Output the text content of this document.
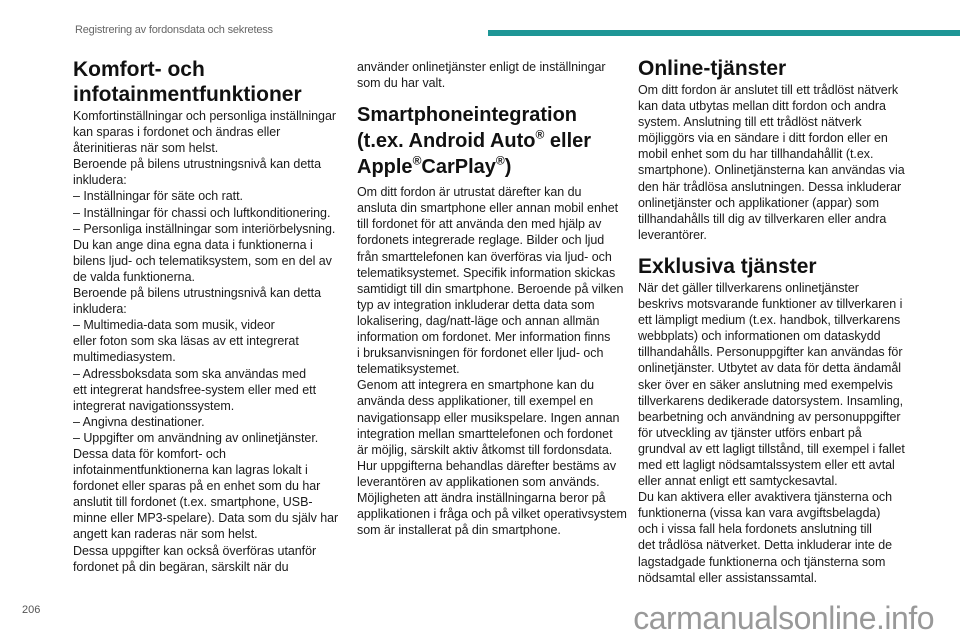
Registrering av fordonsdata och sekretess
Komfort- och
infotainmentfunktioner
Komfortinställningar och personliga inställningar
kan sparas i fordonet och ändras eller
återinitieras när som helst.
Beroende på bilens utrustningsnivå kan detta
inkludera:
– Inställningar för säte och ratt.
– Inställningar för chassi och luftkonditionering.
– Personliga inställningar som interiörbelysning.
Du kan ange dina egna data i funktionerna i
bilens ljud- och telematiksystem, som en del av
de valda funktionerna.
Beroende på bilens utrustningsnivå kan detta
inkludera:
– Multimedia-data som musik, videor
eller foton som ska läsas av ett integrerat
multimediasystem.
– Adressboksdata som ska användas med
ett integrerat handsfree-system eller med ett
integrerat navigationssystem.
– Angivna destinationer.
– Uppgifter om användning av onlinetjänster.
Dessa data för komfort- och
infotainmentfunktionerna kan lagras lokalt i
fordonet eller sparas på en enhet som du har
anslutit till fordonet (t.ex. smartphone, USB-
minne eller MP3-spelare). Data som du själv har
angett kan raderas när som helst.
Dessa uppgifter kan också överföras utanför
fordonet på din begäran, särskilt när du
använder onlinetjänster enligt de inställningar
som du har valt.
Smartphoneintegration
(t.ex. Android Auto® eller
Apple®CarPlay®)
Om ditt fordon är utrustat därefter kan du
ansluta din smartphone eller annan mobil enhet
till fordonet för att använda den med hjälp av
fordonets integrerade reglage. Bilder och ljud
från smarttelefonen kan överföras via ljud- och
telematiksystemet. Specifik information skickas
samtidigt till din smartphone. Beroende på vilken
typ av integration inkluderar detta data som
lokalisering, dag/natt-läge och annan allmän
information om fordonet. Mer information finns
i bruksanvisningen för fordonet eller ljud- och
telematiksystemet.
Genom att integrera en smartphone kan du
använda dess applikationer, till exempel en
navigationsapp eller musikspelare. Ingen annan
integration mellan smarttelefonen och fordonet
är möjlig, särskilt aktiv åtkomst till fordonsdata.
Hur uppgifterna behandlas därefter bestäms av
leverantören av applikationen som används.
Möjligheten att ändra inställningarna beror på
applikationen i fråga och på vilket operativsystem
som är installerat på din smartphone.
Online-tjänster
Om ditt fordon är anslutet till ett trådlöst nätverk
kan data utbytas mellan ditt fordon och andra
system. Anslutning till ett trådlöst nätverk
möjliggörs via en sändare i ditt fordon eller en
mobil enhet som du har tillhandahållit (t.ex.
smartphone). Onlinetjänsterna kan användas via
den här trådlösa anslutningen. Dessa inkluderar
onlinetjänster och applikationer (appar) som
tillhandahålls till dig av tillverkaren eller andra
leverantörer.
Exklusiva tjänster
När det gäller tillverkarens onlinetjänster
beskrivs motsvarande funktioner av tillverkaren i
ett lämpligt medium (t.ex. handbok, tillverkarens
webbplats) och informationen om dataskydd
tillhandahålls. Personuppgifter kan användas för
onlinetjänster. Utbytet av data för detta ändamål
sker över en säker anslutning med exempelvis
tillverkarens dedikerade datorsystem. Insamling,
bearbetning och användning av personuppgifter
för utveckling av tjänster utförs enbart på
grundval av ett lagligt tillstånd, till exempel i fallet
med ett lagligt nödsamtalssystem eller ett avtal
eller annat enligt ett samtyckesavtal.
Du kan aktivera eller avaktivera tjänsterna och
funktionerna (vissa kan vara avgiftsbelagda)
och i vissa fall hela fordonets anslutning till
det trådlösa nätverket. Detta inkluderar inte de
lagstadgade funktionerna och tjänsterna som
nödsamtal eller assistanssamtal.
206	carmanualsonline.info
